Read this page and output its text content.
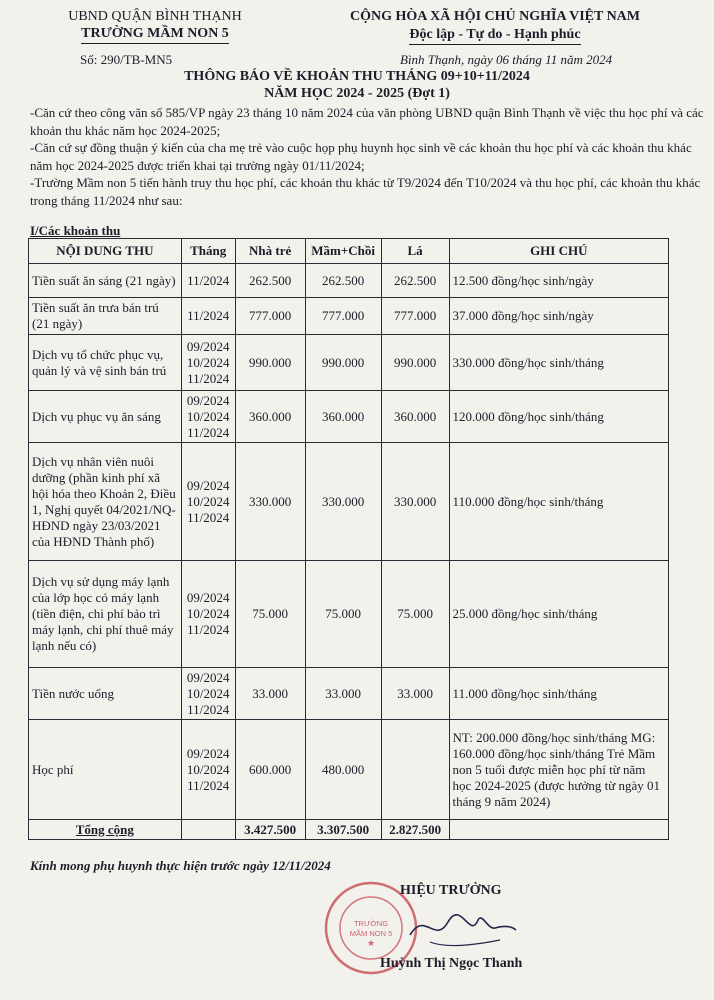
UBND QUẬN BÌNH THẠNH
TRƯỜNG MẦM NON 5
Số: 290/TB-MN5
CỘNG HÒA XÃ HỘI CHỦ NGHĨA VIỆT NAM
Độc lập - Tự do - Hạnh phúc
Bình Thạnh, ngày 06 tháng 11 năm 2024
THÔNG BÁO VỀ KHOẢN THU THÁNG 09+10+11/2024
NĂM HỌC 2024 - 2025 (Đợt 1)

-Căn cứ theo công văn số 585/VP ngày 23 tháng 10 năm 2024 của văn phòng UBND quận Bình Thạnh về việc thu học phí và các khoản thu khác năm học 2024-2025;

-Căn cứ sự đồng thuận ý kiến của cha mẹ trẻ vào cuộc họp phụ huynh học sinh về các khoản thu học phí và các khoản thu khác năm học 2024-2025 được triển khai tại trường ngày 01/11/2024;

-Trường Mầm non 5 tiến hành truy thu học phí, các khoản thu khác từ T9/2024 đến T10/2024 và thu học phí, các khoản thu khác trong tháng 11/2024 như sau:

I/Các khoản thu
NỘI DUNG THU	Tháng	Nhà trẻ	Mầm+Chồi	Lá	GHI CHÚ
Tiền suất ăn sáng (21 ngày)	11/2024	262.500	262.500	262.500	12.500 đồng/học sinh/ngày
Tiền suất ăn trưa bán trú (21 ngày)	11/2024	777.000	777.000	777.000	37.000 đồng/học sinh/ngày
Dịch vụ tổ chức phục vụ, quản lý và vệ sinh bán trú	09/2024 10/2024 11/2024	990.000	990.000	990.000	330.000 đồng/học sinh/tháng
Dịch vụ phục vụ ăn sáng	09/2024 10/2024 11/2024	360.000	360.000	360.000	120.000 đồng/học sinh/tháng
Dịch vụ nhân viên nuôi dưỡng (phần kinh phí xã hội hóa theo Khoản 2, Điều 1, Nghị quyết 04/2021/NQ-HĐND ngày 23/03/2021 của HĐND Thành phố)	09/2024 10/2024 11/2024	330.000	330.000	330.000	110.000 đồng/học sinh/tháng
Dịch vụ sử dụng máy lạnh của lớp học có máy lạnh (tiền điện, chi phí bảo trì máy lạnh, chi phí thuê máy lạnh nếu có)	09/2024 10/2024 11/2024	75.000	75.000	75.000	25.000 đồng/học sinh/tháng
Tiền nước uống	09/2024 10/2024 11/2024	33.000	33.000	33.000	11.000 đồng/học sinh/tháng
Học phí	09/2024 10/2024 11/2024	600.000	480.000		NT: 200.000 đồng/học sinh/tháng MG: 160.000 đồng/học sinh/tháng Trẻ Mầm non 5 tuổi được miễn học phí từ năm học 2024-2025 (được hưởng từ ngày 01 tháng 9 năm 2024)
Tổng cộng		3.427.500	3.307.500	2.827.500	
Kính mong phụ huynh thực hiện trước ngày 12/11/2024
TRƯỜNG
MẦM NON 5
★
HIỆU TRƯỞNG
Huỳnh Thị Ngọc Thanh
